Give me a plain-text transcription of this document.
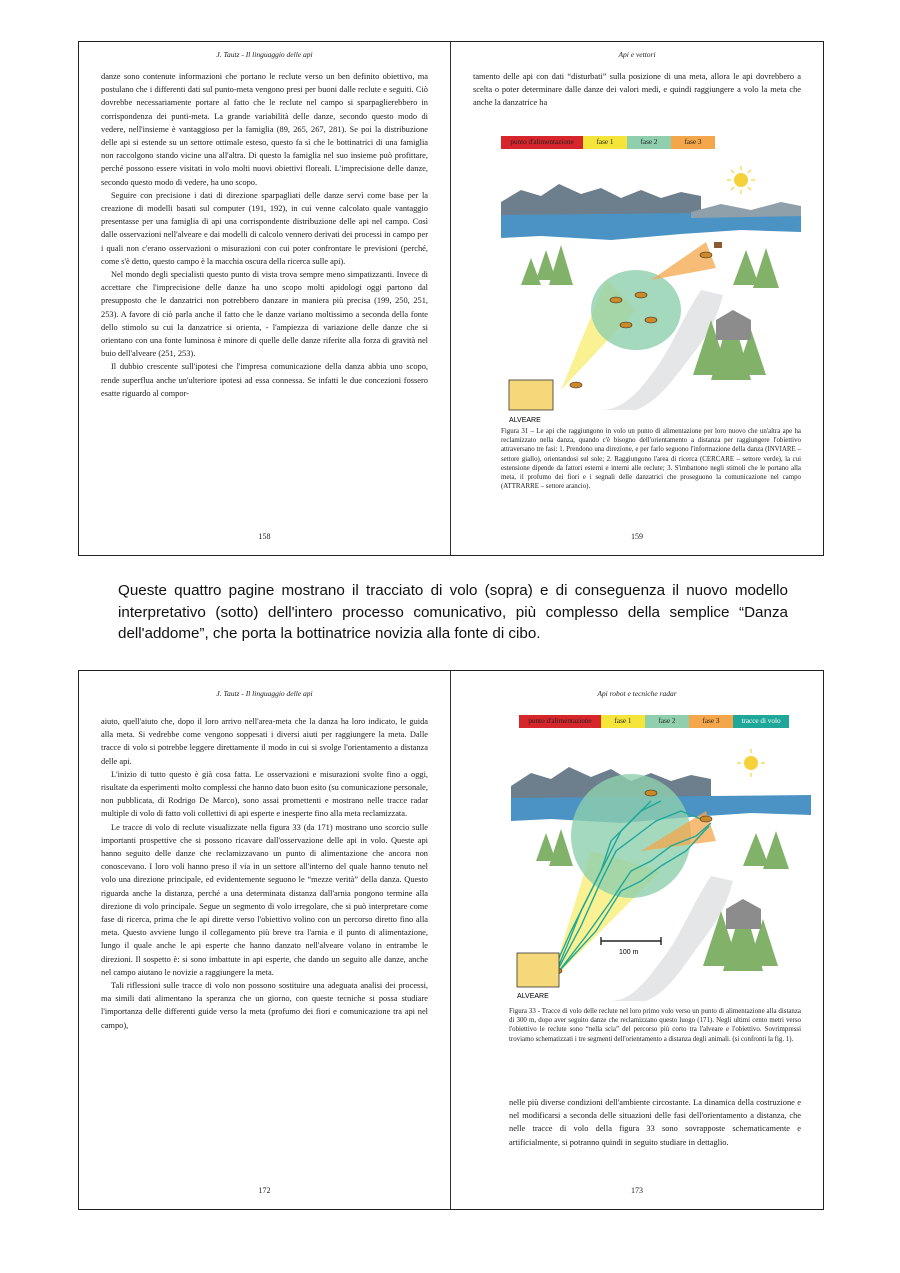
J. Tautz - Il linguaggio delle api

danze sono contenute informazioni che portano le reclute verso un ben definito obiettivo, ma postulano che i differenti dati sul punto-meta vengono presi per buoni dalle reclute e seguiti. Ciò dovrebbe necessariamente portare al fatto che le reclute nel campo si sparpaglierebbero in corrispondenza dei punti-meta. La grande variabilità delle danze, secondo questo modo di vedere, nell'insieme è vantaggioso per la famiglia (89, 265, 267, 281). Se poi la distribuzione delle api si estende su un settore ottimale esteso, questo fa sì che le bottinatrici di una famiglia non raccolgono stando vicine una all'altra. Di questo la famiglia nel suo insieme può profittare, perché possono essere visitati in volo molti nuovi obiettivi floreali. L'imprecisione delle danze, secondo questo modo di vedere, ha uno scopo.

Seguire con precisione i dati di direzione sparpagliati delle danze servì come base per la creazione di modelli basati sul computer (191, 192), in cui venne calcolato quale vantaggio presentasse per una famiglia di api una corrispondente distribuzione delle api nel campo. Così dalle osservazioni nell'alveare e dai modelli di calcolo vennero derivati dei processi in campo per i quali non c'erano osservazioni o misurazioni con cui poter confrontare le previsioni (perché, come s'è detto, questo campo è la macchia oscura della ricerca sulle api).

Nel mondo degli specialisti questo punto di vista trova sempre meno simpatizzanti. Invece di accettare che l'imprecisione delle danze ha uno scopo molti apidologi oggi partono dal presupposto che le danzatrici non potrebbero danzare in maniera più precisa (199, 250, 251, 253). A favore di ciò parla anche il fatto che le danze variano moltissimo a seconda della fonte dello stimolo su cui la danzatrice si orienta, - l'ampiezza di variazione delle danze che si orientano con una fonte luminosa è minore di quelle delle danze riferite alla forza di gravità nel buio dell'alveare (251, 253).

Il dubbio crescente sull'ipotesi che l'impresa comunicazione della danza abbia uno scopo, rende superflua anche un'ulteriore ipotesi ad essa connessa. Se infatti le due concezioni fossero esatte riguardo al compor-

158
Api e vettori

tamento delle api con dati “disturbati” sulla posizione di una meta, allora le api dovrebbero a scelta o poter determinare dalle danze dei valori medi, e quindi raggiungere a volo la meta che anche la danzatrice ha

punto d'alimentazione	fase 1	fase 2	fase 3
ALVEARE
Figura 31 – Le api che raggiungono in volo un punto di alimentazione per loro nuovo che un'altra ape ha reclamizzato nella danza, quando c'è bisogno dell'orientamento a distanza per raggiungere l'obiettivo attraversano tre fasi: 1. Prendono una direzione, e per farlo seguono l'informazione della danza (INVIARE – settore giallo), orientandosi sul sole; 2. Raggiungono l'area di ricerca (CERCARE – settore verde), la cui estensione dipende da fattori esterni e interni alle reclute; 3. S'imbattono negli stimoli che le portano alla meta, il profumo dei fiori e i segnali delle danzatrici che proseguono la comunicazione nel campo (ATTRARRE – settore arancio).
159
Queste quattro pagine mostrano il tracciato di volo (sopra) e di conseguenza il nuovo modello interpretativo (sotto) dell'intero processo comunicativo, più complesso della semplice “Danza dell'addome”, che porta la bottinatrice novizia alla fonte di cibo.
J. Tautz - Il linguaggio delle api

aiuto, quell'aiuto che, dopo il loro arrivo nell'area-meta che la danza ha loro indicato, le guida alla meta. Si vedrebbe come vengono soppesati i diversi aiuti per raggiungere la meta. Dalle tracce di volo si potrebbe leggere direttamente il modo in cui si svolge l'orientamento a distanza delle api.

L'inizio di tutto questo è già cosa fatta. Le osservazioni e misurazioni svolte fino a oggi, risultate da esperimenti molto complessi che hanno dato buon esito (su comunicazione personale, non pubblicata, di Rodrigo De Marco), sono assai promettenti e mostrano nelle tracce radar multiple di volo di fatto voli collettivi di api esperte e inesperte fino alla meta reclamizzata.

Le tracce di volo di reclute visualizzate nella figura 33 (da 171) mostrano uno scorcio sulle importanti prospettive che si possono ricavare dall'osservazione delle api in volo. Queste api hanno seguito delle danze che reclamizzavano un punto di alimentazione che ancora non conoscevano. I loro voli hanno preso il via in un settore all'interno del quale hanno tenuto nel volo una direzione principale, ed evidentemente seguono le “mezze verità” della danza. Questo riguarda anche la distanza, perché a una determinata distanza dall'arnia pongono termine alla direzione di volo principale. Segue un segmento di volo irregolare, che si può interpretare come fase di ricerca, prima che le api dirette verso l'obiettivo volino con un percorso diretto fino alla meta. Questo avviene lungo il collegamento più breve tra l'arnia e il punto di alimentazione, lungo il quale anche le api esperte che hanno danzato nell'alveare volano in entrambe le direzioni. Il sospetto è: si sono imbattute in api esperte, che dando un seguito alle danze, anche nel campo aiutano le novizie a raggiungere la meta.

Tali riflessioni sulle tracce di volo non possono sostituire una adeguata analisi dei processi, ma simili dati alimentano la speranza che un giorno, con queste tecniche si possa studiare l'importanza delle differenti guide verso la meta (profumo dei fiori e comunicazione tra api nel campo),

172
Api robot e tecniche radar
punto d'alimentazione	fase 1	fase 2	fase 3	tracce di volo
100 m
ALVEARE
Figura 33 - Tracce di volo delle reclute nel loro primo volo verso un punto di alimentazione alla distanza di 300 m, dopo aver seguito danze che reclamizzano questo luogo (171). Negli ultimi cento metri verso l'obiettivo le reclute sono “nella scia” del percorso più corto tra l'alveare e l'obiettivo. Sovrimpressi troviamo schematizzati i tre segmenti dell'orientamento a distanza degli animali. (si confronti la fig. 1).

nelle più diverse condizioni dell'ambiente circostante. La dinamica della costruzione e nel modificarsi a seconda delle situazioni delle fasi dell'orientamento a distanza, che nelle tracce di volo della figura 33 sono sovrapposte schematicamente e artificialmente, si potranno quindi in seguito studiare in dettaglio.

173
